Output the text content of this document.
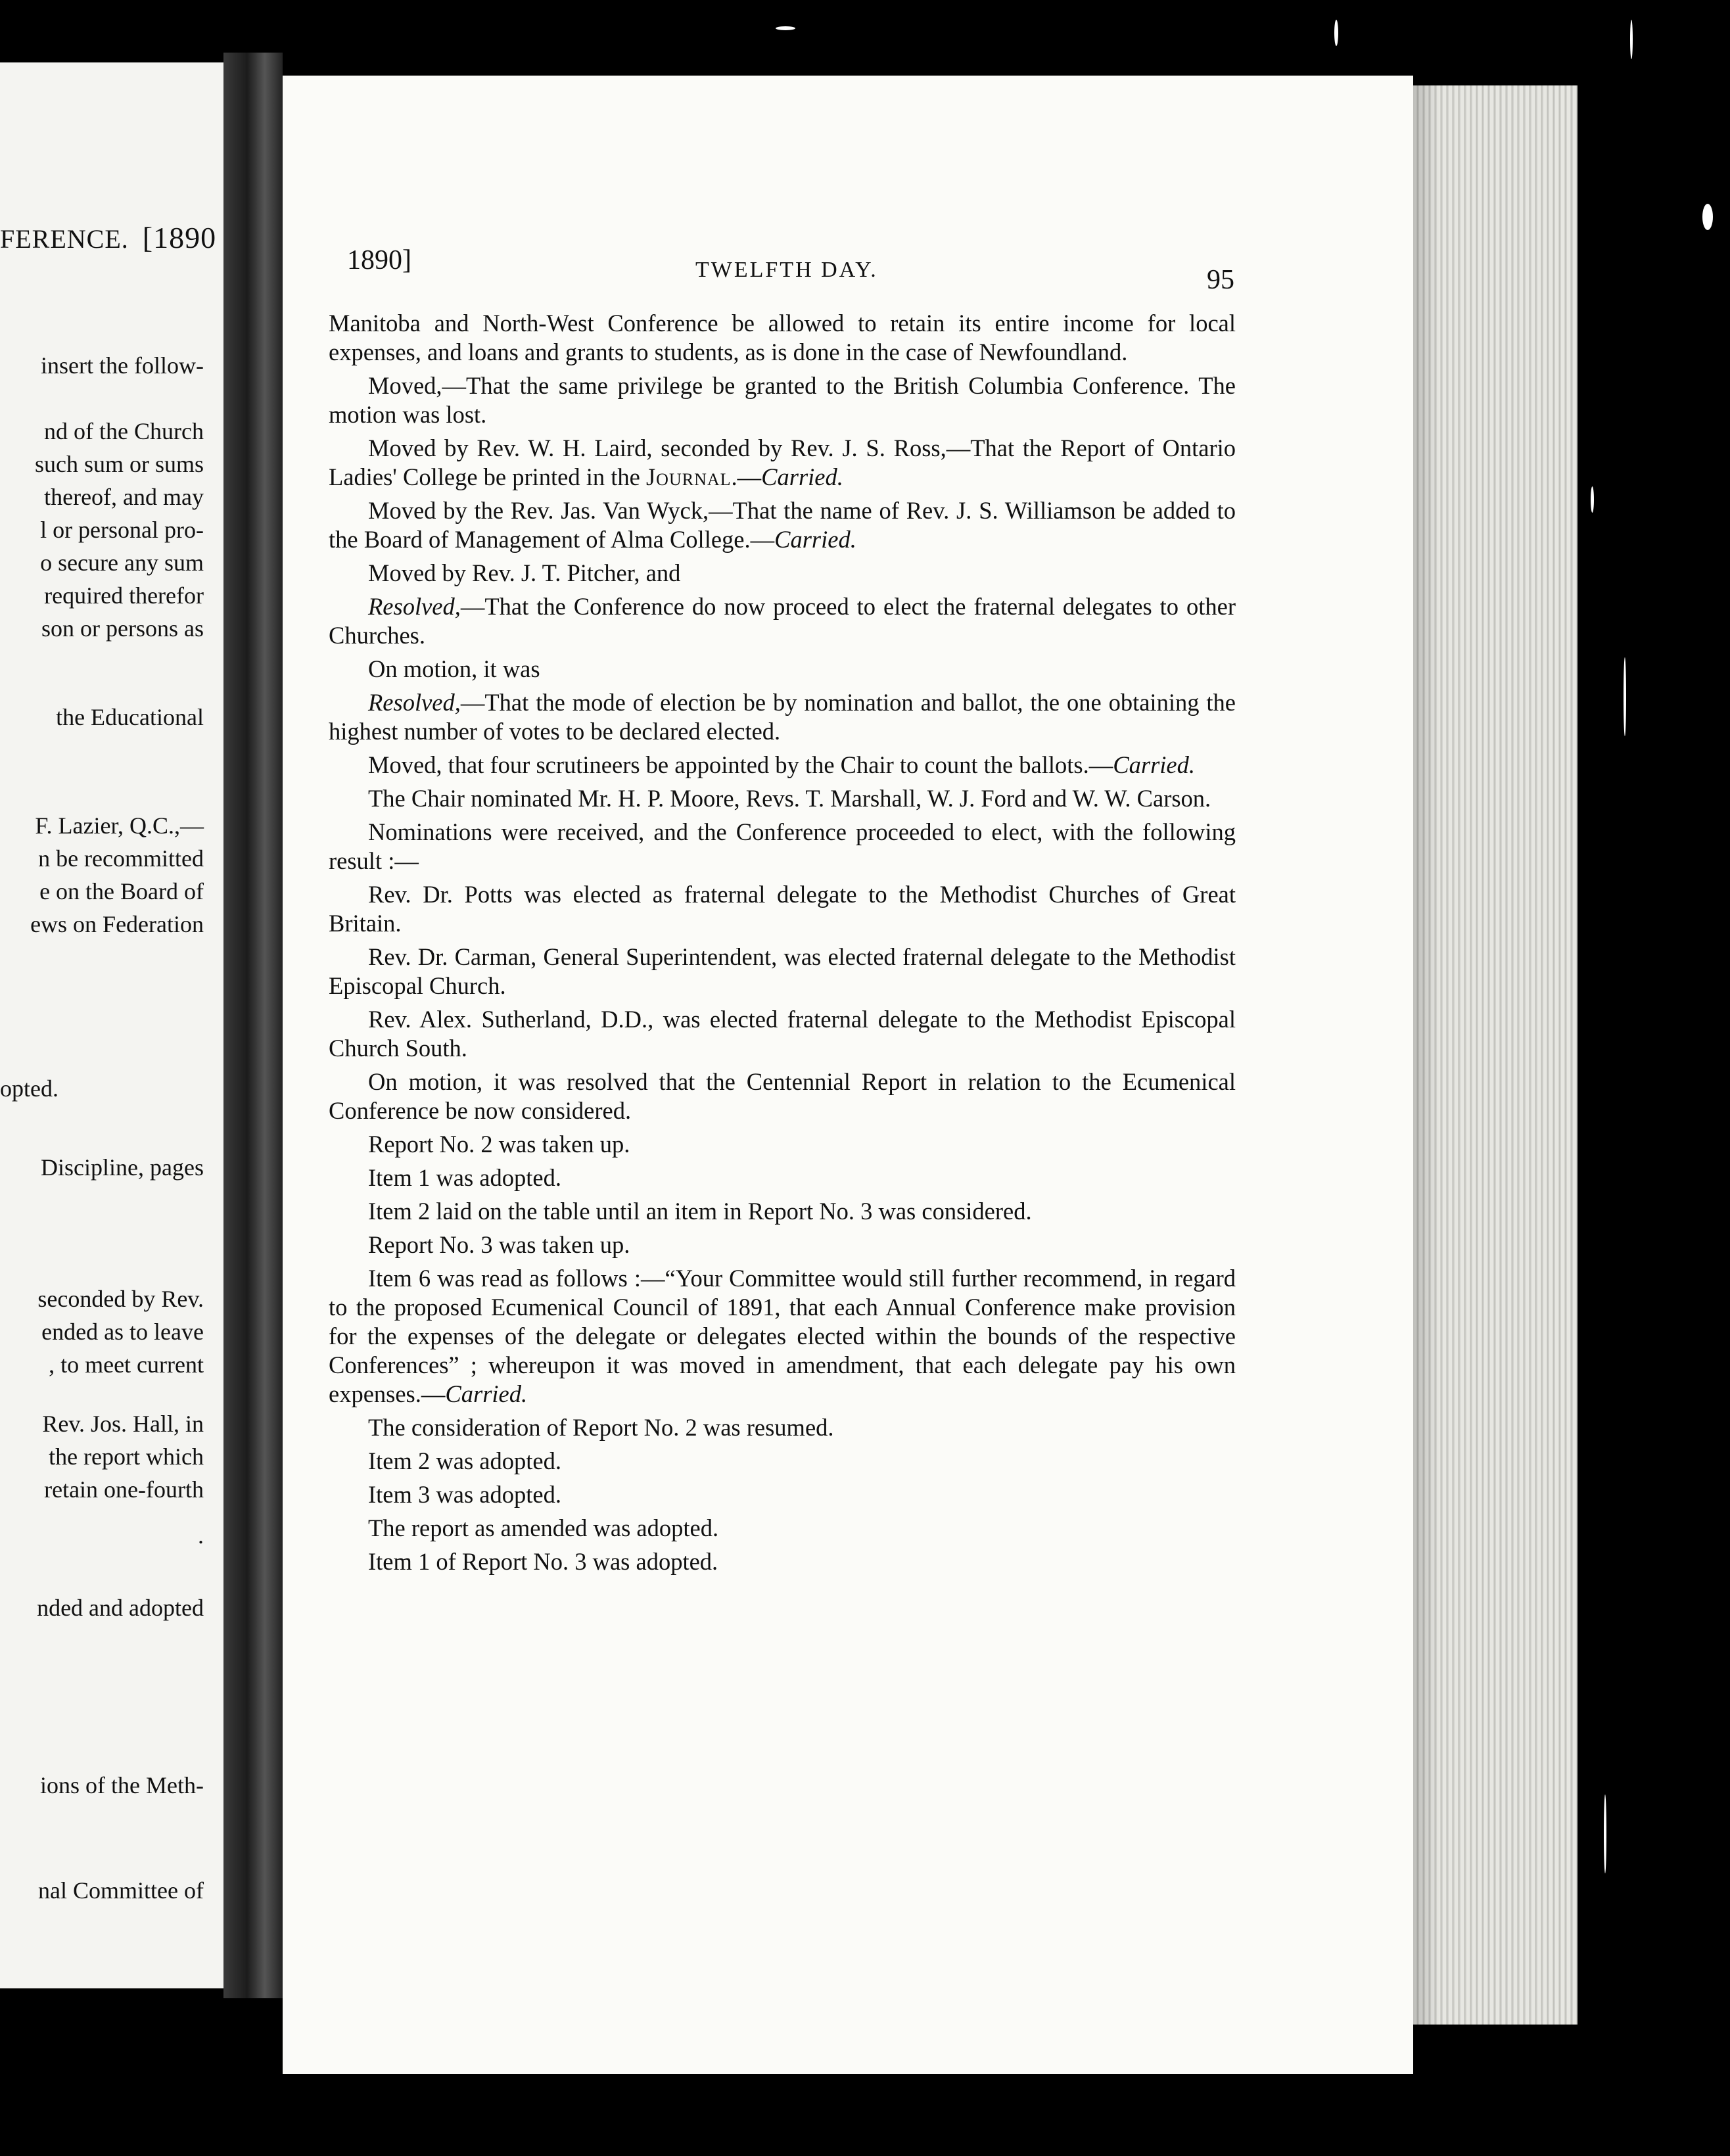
FERENCE. [1890
insert the follow-
nd of the Church
such sum or sums
thereof, and may
l or personal pro-
o secure any sum
required therefor
son or persons as
the Educational
F. Lazier, Q.C.,—
n be recommitted
e on the Board of
ews on Federation
opted.
Discipline, pages
seconded by Rev.
ended as to leave
, to meet current
Rev. Jos. Hall, in
the report which
retain one-fourth
.
nded and adopted
ions of the Meth-
nal Committee of
1890]	TWELFTH DAY.	95

Manitoba and North-West Conference be allowed to retain its entire income for local expenses, and loans and grants to students, as is done in the case of Newfoundland.

Moved,—That the same privilege be granted to the British Columbia Conference. The motion was lost.

Moved by Rev. W. H. Laird, seconded by Rev. J. S. Ross,—That the Report of Ontario Ladies' College be printed in the Journal.—Carried.

Moved by the Rev. Jas. Van Wyck,—That the name of Rev. J. S. Williamson be added to the Board of Management of Alma College.—Carried.

Moved by Rev. J. T. Pitcher, and

Resolved,—That the Conference do now proceed to elect the fraternal delegates to other Churches.

On motion, it was

Resolved,—That the mode of election be by nomination and ballot, the one obtaining the highest number of votes to be declared elected.

Moved, that four scrutineers be appointed by the Chair to count the ballots.—Carried.

The Chair nominated Mr. H. P. Moore, Revs. T. Marshall, W. J. Ford and W. W. Carson.

Nominations were received, and the Conference proceeded to elect, with the following result :—

Rev. Dr. Potts was elected as fraternal delegate to the Methodist Churches of Great Britain.

Rev. Dr. Carman, General Superintendent, was elected fraternal delegate to the Methodist Episcopal Church.

Rev. Alex. Sutherland, D.D., was elected fraternal delegate to the Methodist Episcopal Church South.

On motion, it was resolved that the Centennial Report in relation to the Ecumenical Conference be now considered.

Report No. 2 was taken up.

Item 1 was adopted.

Item 2 laid on the table until an item in Report No. 3 was considered.

Report No. 3 was taken up.

Item 6 was read as follows :—“Your Committee would still further recommend, in regard to the proposed Ecumenical Council of 1891, that each Annual Conference make provision for the expenses of the delegate or delegates elected within the bounds of the respective Conferences” ; whereupon it was moved in amendment, that each delegate pay his own expenses.—Carried.

The consideration of Report No. 2 was resumed.

Item 2 was adopted.

Item 3 was adopted.

The report as amended was adopted.

Item 1 of Report No. 3 was adopted.
